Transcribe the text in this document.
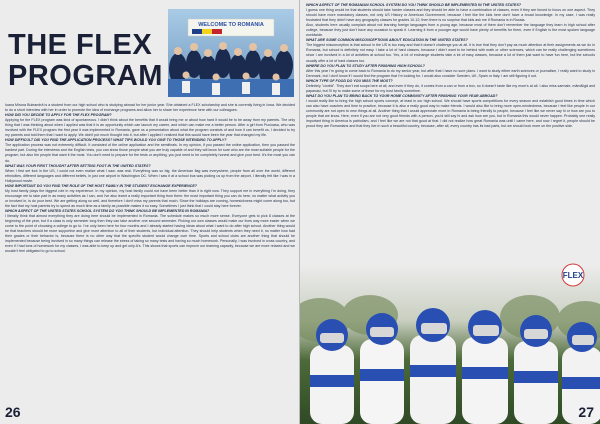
THE FLEX PROGRAM
WELCOME TO ROMANIA
Ioana Miruna Buleandră is a student from our high school who is studying abroad for her junior year. She obtained a FLEX scholarship and she is currently living in Iowa. We decided to do a short interview with her in order to promote the idea of exchange programs and allow her to share her experience here with our colleagues.
HOW DID YOU DECIDE TO APPLY FOR THE FLEX PROGRAM?
Applying for the FLEX program was kind of spontaneous. I didn't think about the benefits that it would bring me or about how hard it would be to be away from my parents. The only thing that I was thinking about when I applied was that it is an opportunity which can launch my career, and which can make me a better person. After a girl from Pucioasa, who was involved with the FLEX program the first year it was implemented in Romania, gave us a presentation about what the program consists of and how it can benefit us, I decided to try my parents and told them that I want to apply. We didn't put much thought into it, but after I applied I realized that this would have been the year that changed my life.
HOW DIFFICULT DID YOU FIND THE APPLICATION PROCESS? WHAT TIPS WOULD YOU GIVE TO THOSE INTENDING TO APPLY?
The application process was not extremely difficult. It consisted of the online application and the semifinals. In my opinion, if you passed the online application, then you passed the hardest part. During the interviews and the English tests, you can show those people what you are truly capable of and they will know for sure who are the most suitable people for the program, but also the people that want it the most. You don't need to prepare for the tests or anything, you just need to be completely honest and give your best. It's the most you can do.
WHAT WAS YOUR FIRST THOUGHT AFTER SETTING FOOT IN THE UNITED STATES?
When I first set foot in the US, I could not even realize what I saw: was real. Everything was so big, the American flag was everywhere, people from all over the world, different ethnicities, different languages and different beliefs, in just one airport in Washington DC. When I saw it at a school bus was picking us up from the airport, I literally felt like I was in a Hollywood movie.
HOW IMPORTANT DO YOU FIND THE ROLE OF THE HOST FAMILY IN THE STUDENT EXCHANGE EXPERIENCE?
My host family plays the biggest role in my experience. In my opinion, my host family could not have been better than it is right now. They support me in everything I'm doing, they encourage me to take part in as many activities as I can, and I've also learnt a really important thing from them: the most important thing you can do here, no matter what activity you or involved in, is do your best. We are getting along so well, and therefore I don't miss my parents that much. Since the holidays are coming, homesickness might come along too, but the fact that my host parents try to spend as much time as a family as possible makes it so easy. Sometimes I just think that I could stay here forever.
WHICH ASPECT OF THE UNITED STATES SCHOOL SYSTEM DO YOU THINK SHOULD BE IMPLEMENTED IN ROMANIA?
I literally think that almost everything they are doing here should be implemented in Romania. The schedule makes so much more sense. Everyone gets to pick 8 classes at the beginning of the year, but if a class is only semester long then they can take another one second semester. Picking our own classes would make our lives way more easier when we come to the point of choosing a college to go to. I've only been here for four months and I already started having ideas about what I want to do after high school. Another thing would be that teachers should be more supportive and give more attention to all of their students, but individual attention. They should help students when they need it, no matter how bad their grades or their behavior is, because there is no other way that the specific student would change over time. Sports and school clubs are another thing that should be implemented because being involved in so many things can release the stress of taking so many tests and having so much homework. Personally, I was involved in cross country, and even if I had tons of homework for my classes, I was able to keep up and get only A's. This shows that sports can improve our learning capacity, because we are more relaxed and we wouldn't feel obligated to go to school.
26
WHICH ASPECT OF THE ROMANIAN SCHOOL SYSTEM DO YOU THINK SHOULD BE IMPLEMENTED IN THE UNITED STATES?
I guess one thing would be that students should take harder classes and they should be able to have a combination of classes, even if they are forced to focus on one aspect. They should have more mandatory classes, not only US History or American Government, because I feel like the kids here don't have a broad knowledge. In my case, I was really frustrated that they didn't have any geography classes for grades 10-12; then there is no surprise that kids ask me if Romania is in Russia.
Also, students here usually complain about not learning foreign languages from a young age, because most of them don't remember the language they learn in high school after college, because they just don't have any occasion to speak it. Learning it from a younger age would have plenty of benefits for them, even if English is the most spoken language worldwide.
WHAT ARE SOME COMMON MISCONCEPTIONS ABOUT EDUCATION IN THE UNITED STATES?
The biggest misconception is that school in the US is too easy and that it doesn't challenge you at all. It is true that they don't pay as much attention at their assignments as we do in Romania, but school is definitely not easy. I take a lot of hard classes, because I didn't want to be behind with math or other sciences, which can be really challenging sometimes since I am involved in a lot of activities at school too. Yes, a lot of exchange students take a lot of easy classes, because a lot of them just want to have fun here, but the schools usually offer a lot of hard classes too.
WHERE DO YOU PLAN TO STUDY AFTER FINISHING HIGH SCHOOL?
After this year I'm going to come back to Romania to do my senior year, but after that I have no sure plans. I want to study either earth sciences or journalism, I really want to study in Denmark, but I don't know if I would find the program that I'm looking for. I would also consider Sweden, UK, Spain or Italy. I am still figuring it out.
WHICH TYPE OF FOOD DO YOU MISS THE MOST?
Definitely "ciorbă". They don't eat soups here at all, and even if they do, it comes from a can or from a box, so it doesn't taste like my mom's at all. I also miss sarmale, mămăligă and papanași, but I'll try to make some of these for my host family sometime.
WHAT DO YOU PLAN TO BRING BACK TO YOUR HOME COMMUNITY AFTER FINISHING YOUR YEAR ABROAD?
I would really like to bring the high school sports concept, at least in our high school. We should have sports competitions for every season and establish good times in time which can also have coaches and time to practice, because it is also a really good way to make friends. I would also like to bring more open-mindedness, because I feel like people in our community are not open to new things at all. Another thing that I would appreciate more in Romania is being friendly to people, because I feel like we never say hi or how are you to people that we know. Here, even if you are not very good friends with a person, you'd still say hi and ask how are you, but in Romania this would never happen. Probably one really important thing in America is patriotism, and I feel like we are not that good at that. I did not realize how great Romania was until I came here, and now I regret it, people should be proud they are Romanians and that they live in such a beautiful country, because, after all, every country has its bad parts, but we should look more on the positive side.
FLEX
27
